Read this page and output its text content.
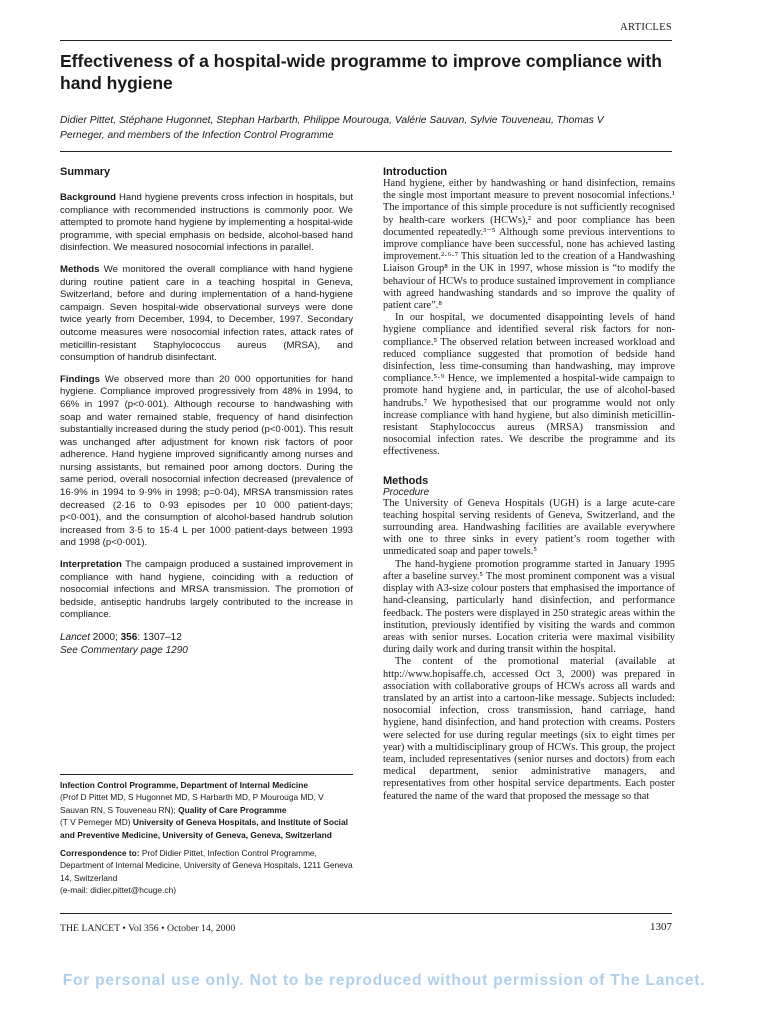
ARTICLES
Effectiveness of a hospital-wide programme to improve compliance with hand hygiene
Didier Pittet, Stéphane Hugonnet, Stephan Harbarth, Philippe Mourouga, Valérie Sauvan, Sylvie Touveneau, Thomas V Perneger, and members of the Infection Control Programme
Summary

Background Hand hygiene prevents cross infection in hospitals, but compliance with recommended instructions is commonly poor. We attempted to promote hand hygiene by implementing a hospital-wide programme, with special emphasis on bedside, alcohol-based hand disinfection. We measured nosocomial infections in parallel.

Methods We monitored the overall compliance with hand hygiene during routine patient care in a teaching hospital in Geneva, Switzerland, before and during implementation of a hand-hygiene campaign. Seven hospital-wide observational surveys were done twice yearly from December, 1994, to December, 1997. Secondary outcome measures were nosocomial infection rates, attack rates of meticillin-resistant Staphylococcus aureus (MRSA), and consumption of handrub disinfectant.

Findings We observed more than 20 000 opportunities for hand hygiene. Compliance improved progressively from 48% in 1994, to 66% in 1997 (p<0·001). Although recourse to handwashing with soap and water remained stable, frequency of hand disinfection substantially increased during the study period (p<0·001). This result was unchanged after adjustment for known risk factors of poor adherence. Hand hygiene improved significantly among nurses and nursing assistants, but remained poor among doctors. During the same period, overall nosocomial infection decreased (prevalence of 16·9% in 1994 to 9·9% in 1998; p=0·04), MRSA transmission rates decreased (2·16 to 0·93 episodes per 10 000 patient-days; p<0·001), and the consumption of alcohol-based handrub solution increased from 3·5 to 15·4 L per 1000 patient-days between 1993 and 1998 (p<0·001).

Interpretation The campaign produced a sustained improvement in compliance with hand hygiene, coinciding with a reduction of nosocomial infections and MRSA transmission. The promotion of bedside, antiseptic handrubs largely contributed to the increase in compliance.

Lancet 2000; 356: 1307–12

See Commentary page 1290

Infection Control Programme, Department of Internal Medicine
(Prof D Pittet MD, S Hugonnet MD, S Harbarth MD, P Mourouga MD, V Sauvan RN, S Touveneau RN); Quality of Care Programme
(T V Perneger MD) University of Geneva Hospitals, and Institute of Social and Preventive Medicine, University of Geneva, Geneva, Switzerland

Correspondence to: Prof Didier Pittet, Infection Control Programme, Department of Internal Medicine, University of Geneva Hospitals, 1211 Geneva 14, Switzerland
(e-mail: didier.pittet@hcuge.ch)

Introduction

Hand hygiene, either by handwashing or hand disinfection, remains the single most important measure to prevent nosocomial infections.¹ The importance of this simple procedure is not sufficiently recognised by health-care workers (HCWs),² and poor compliance has been documented repeatedly.³⁻⁵ Although some previous interventions to improve compliance have been successful, none has achieved lasting improvement.²·⁶·⁷ This situation led to the creation of a Handwashing Liaison Group⁸ in the UK in 1997, whose mission is “to modify the behaviour of HCWs to produce sustained improvement in compliance with agreed handwashing standards and so improve the quality of patient care”.⁸

In our hospital, we documented disappointing levels of hand hygiene compliance and identified several risk factors for non-compliance.⁵ The observed relation between increased workload and reduced compliance suggested that promotion of bedside hand disinfection, less time-consuming than handwashing, may improve compliance.⁵·⁹ Hence, we implemented a hospital-wide campaign to promote hand hygiene and, in particular, the use of alcohol-based handrubs.⁷ We hypothesised that our programme would not only increase compliance with hand hygiene, but also diminish meticillin-resistant Staphylococcus aureus (MRSA) transmission and nosocomial infection rates. We describe the programme and its effectiveness.

Methods

Procedure

The University of Geneva Hospitals (UGH) is a large acute-care teaching hospital serving residents of Geneva, Switzerland, and the surrounding area. Handwashing facilities are available everywhere with one to three sinks in every patient’s room together with unmedicated soap and paper towels.⁵

The hand-hygiene promotion programme started in January 1995 after a baseline survey.⁵ The most prominent component was a visual display with A3-size colour posters that emphasised the importance of hand-cleansing, particularly hand disinfection, and performance feedback. The posters were displayed in 250 strategic areas within the institution, previously identified by visiting the wards and common areas with senior nurses. Location criteria were maximal visibility during daily work and during transit within the hospital.

The content of the promotional material (available at http://www.hopisaffe.ch, accessed Oct 3, 2000) was prepared in association with collaborative groups of HCWs across all wards and translated by an artist into a cartoon-like message. Subjects included: nosocomial infection, cross transmission, hand carriage, hand hygiene, hand disinfection, and hand protection with creams. Posters were selected for use during regular meetings (six to eight times per year) with a multidisciplinary group of HCWs. This group, the project team, included representatives (senior nurses and doctors) from each medical department, senior administrative managers, and representatives from other hospital service departments. Each poster featured the name of the ward that proposed the message so that

THE LANCET • Vol 356 • October 14, 2000	1307
For personal use only. Not to be reproduced without permission of The Lancet.
